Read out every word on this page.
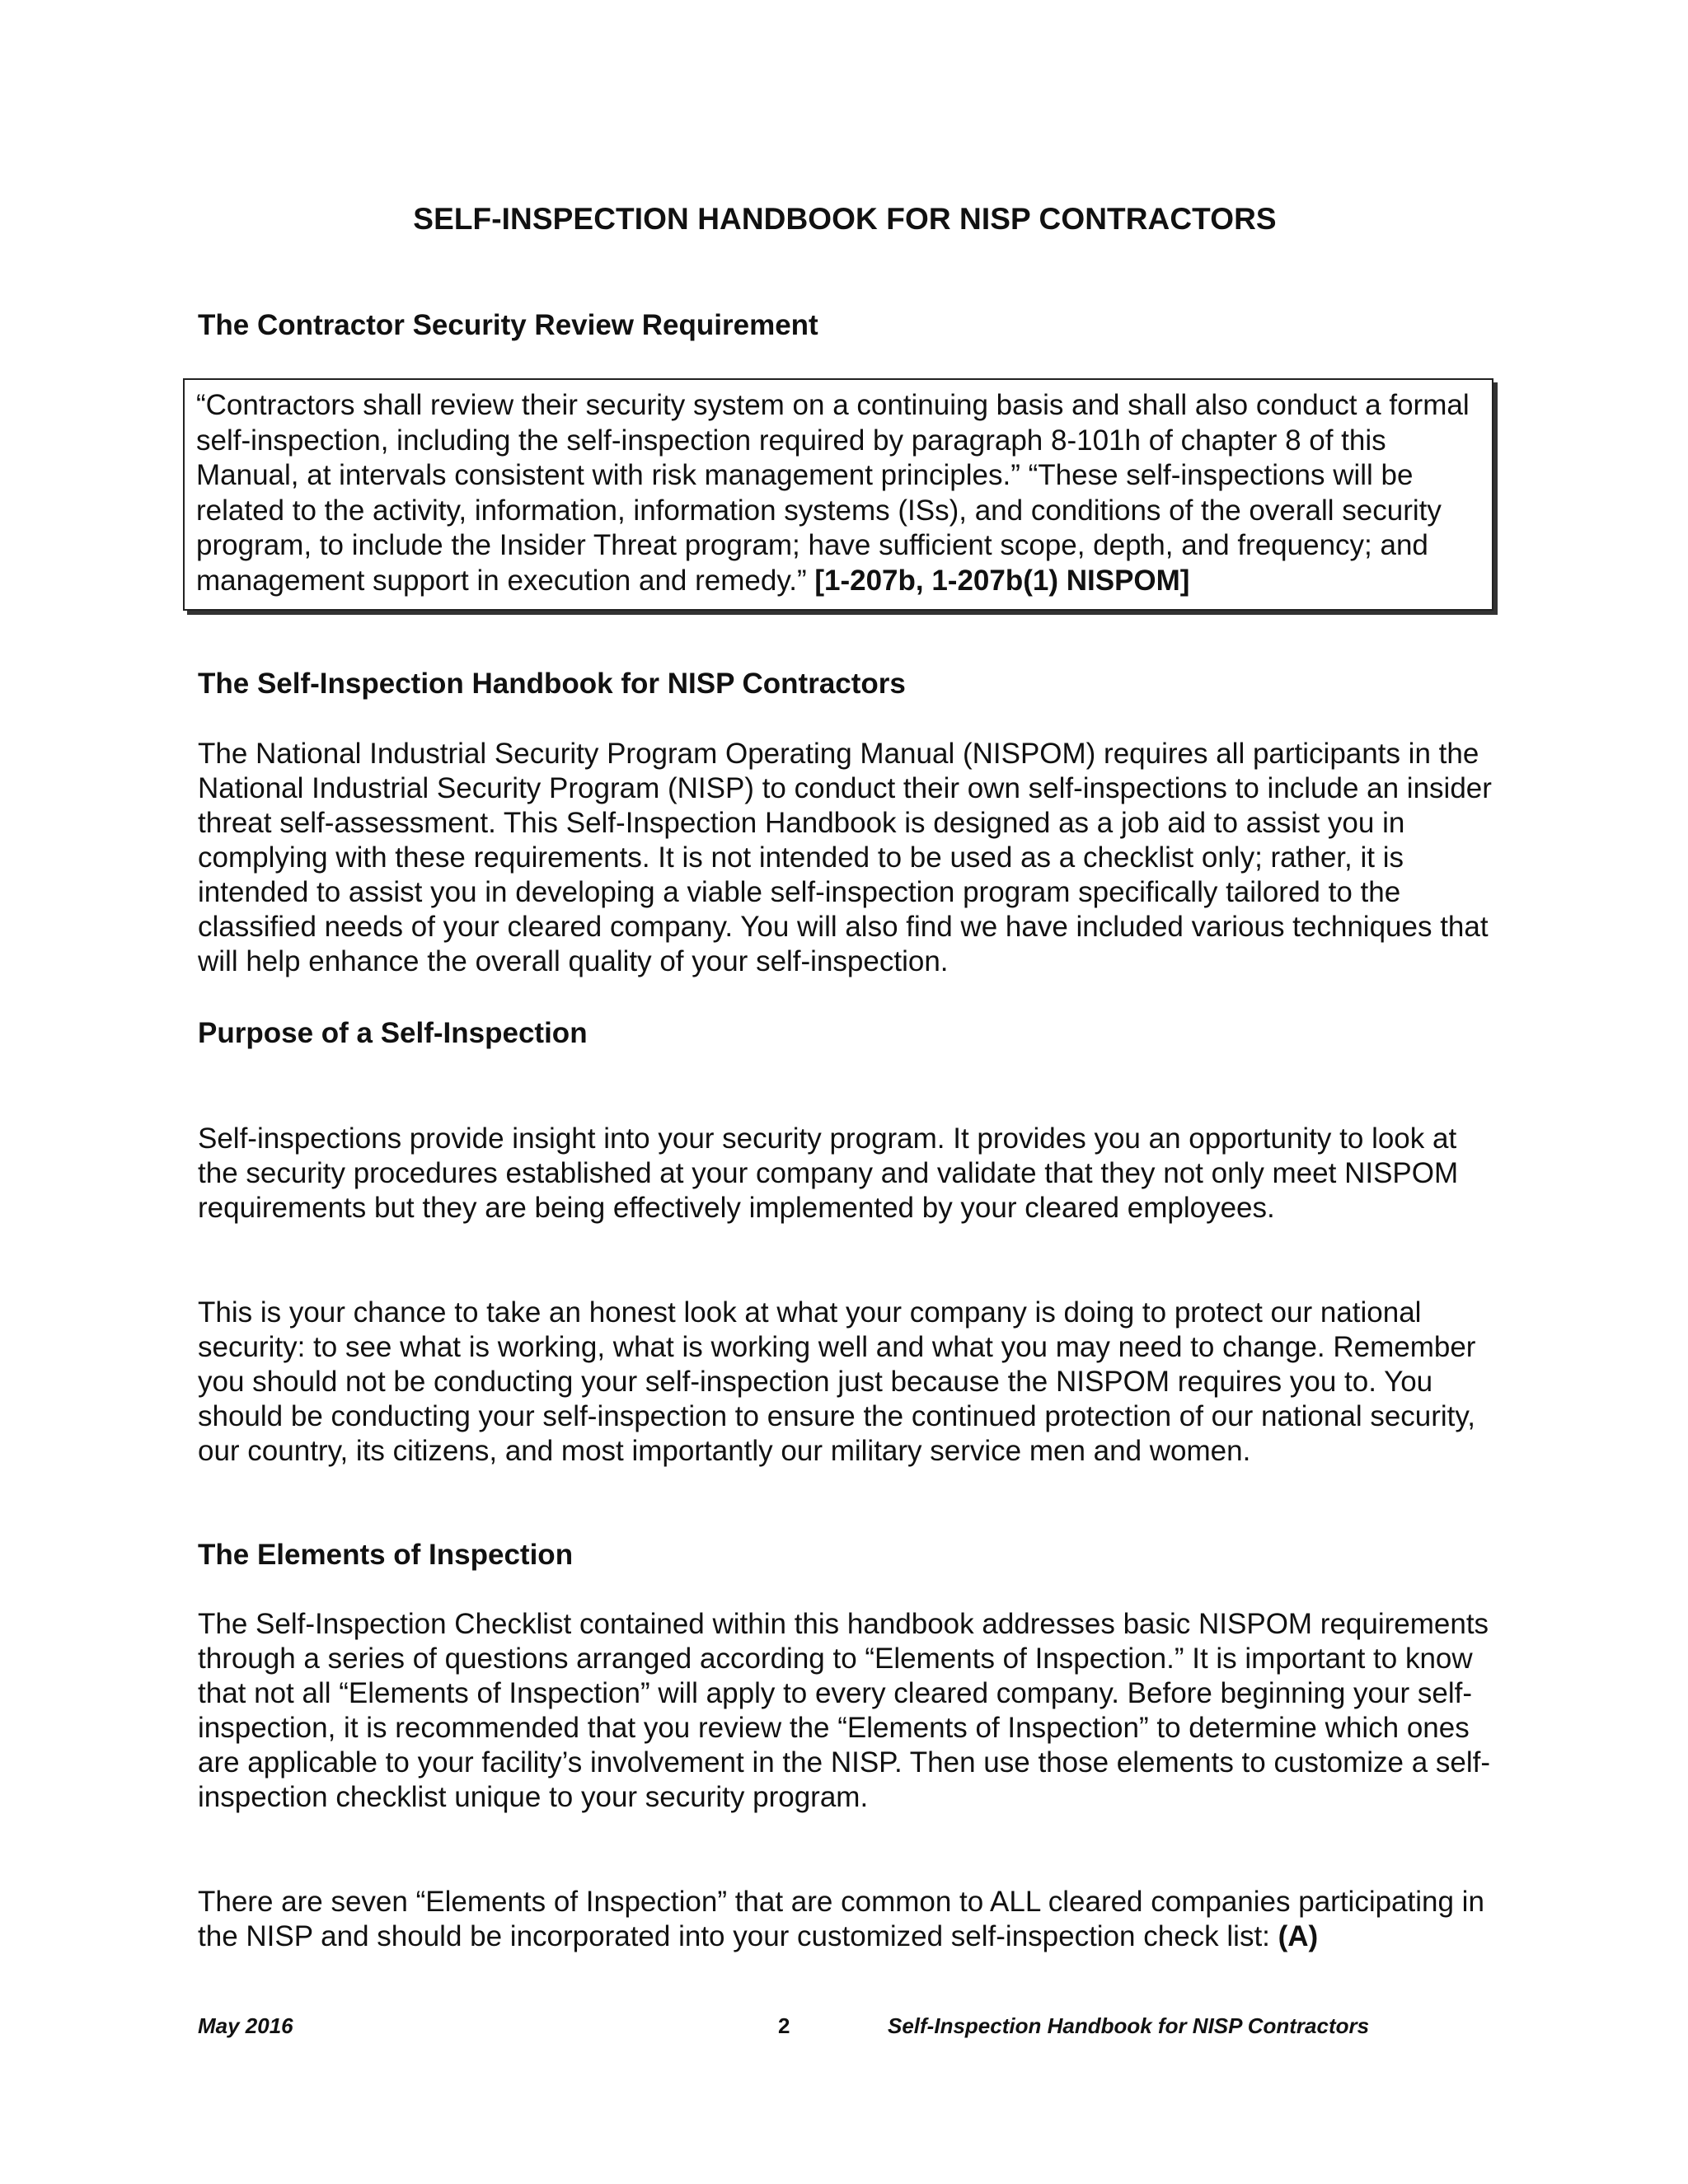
SELF-INSPECTION HANDBOOK FOR NISP CONTRACTORS
The Contractor Security Review Requirement

“Contractors shall review their security system on a continuing basis and shall also conduct a formal self-inspection, including the self-inspection required by paragraph 8-101h of chapter 8 of this Manual, at intervals consistent with risk management principles.” “These self-inspections will be related to the activity, information, information systems (ISs), and conditions of the overall security program, to include the Insider Threat program; have sufficient scope, depth, and frequency; and management support in execution and remedy.” [1-207b, 1-207b(1) NISPOM]

The Self-Inspection Handbook for NISP Contractors

The National Industrial Security Program Operating Manual (NISPOM) requires all participants in the National Industrial Security Program (NISP) to conduct their own self-inspections to include an insider threat self-assessment. This Self-Inspection Handbook is designed as a job aid to assist you in complying with these requirements. It is not intended to be used as a checklist only; rather, it is intended to assist you in developing a viable self-inspection program specifically tailored to the classified needs of your cleared company. You will also find we have included various techniques that will help enhance the overall quality of your self-inspection.

Purpose of a Self-Inspection

Self-inspections provide insight into your security program. It provides you an opportunity to look at the security procedures established at your company and validate that they not only meet NISPOM requirements but they are being effectively implemented by your cleared employees.

This is your chance to take an honest look at what your company is doing to protect our national security: to see what is working, what is working well and what you may need to change. Remember you should not be conducting your self-inspection just because the NISPOM requires you to. You should be conducting your self-inspection to ensure the continued protection of our national security, our country, its citizens, and most importantly our military service men and women.

The Elements of Inspection

The Self-Inspection Checklist contained within this handbook addresses basic NISPOM requirements through a series of questions arranged according to “Elements of Inspection.” It is important to know that not all “Elements of Inspection” will apply to every cleared company. Before beginning your self-inspection, it is recommended that you review the “Elements of Inspection” to determine which ones are applicable to your facility’s involvement in the NISP. Then use those elements to customize a self-inspection checklist unique to your security program.

There are seven “Elements of Inspection” that are common to ALL cleared companies participating in the NISP and should be incorporated into your customized self-inspection check list: (A)

May 2016	2	Self-Inspection Handbook for NISP Contractors
